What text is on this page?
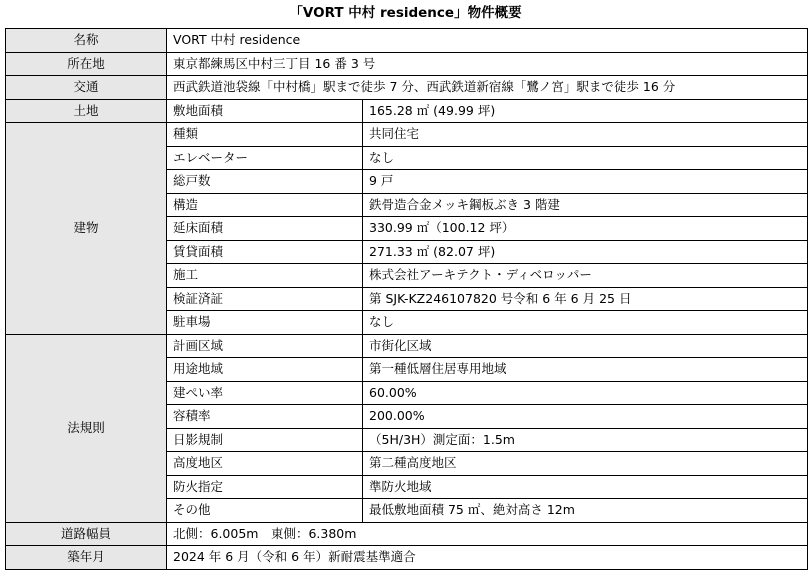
「VORT 中村 residence」物件概要
名称	VORT 中村 residence	
所在地	東京都練馬区中村三丁目 16 番 3 号	
交通	西武鉄道池袋線「中村橋」駅まで徒歩 7 分、西武鉄道新宿線「鷺ノ宮」駅まで徒歩 16 分	
土地	敷地面積	165.28 ㎡ (49.99 坪)
建物	種類	共同住宅
	エレベーター	なし
	総戸数	9 戸
	構造	鉄骨造合金メッキ鋼板ぶき 3 階建
	延床面積	330.99 ㎡（100.12 坪）
	賃貸面積	271.33 ㎡ (82.07 坪)
	施工	株式会社アーキテクト・ディベロッパー
	検証済証	第 SJK-KZ246107820 号令和 6 年 6 月 25 日
	駐車場	なし
法規則	計画区域	市街化区域
	用途地域	第一種低層住居専用地域
	建ぺい率	60.00%
	容積率	200.00%
	日影規制	（5H/3H）測定面：1.5m
	高度地区	第二種高度地区
	防火指定	準防火地域
	その他	最低敷地面積 75 ㎡、絶対高さ 12m
道路幅員	北側：6.005m　東側：6.380m	
築年月	2024 年 6 月（令和 6 年）新耐震基準適合	
